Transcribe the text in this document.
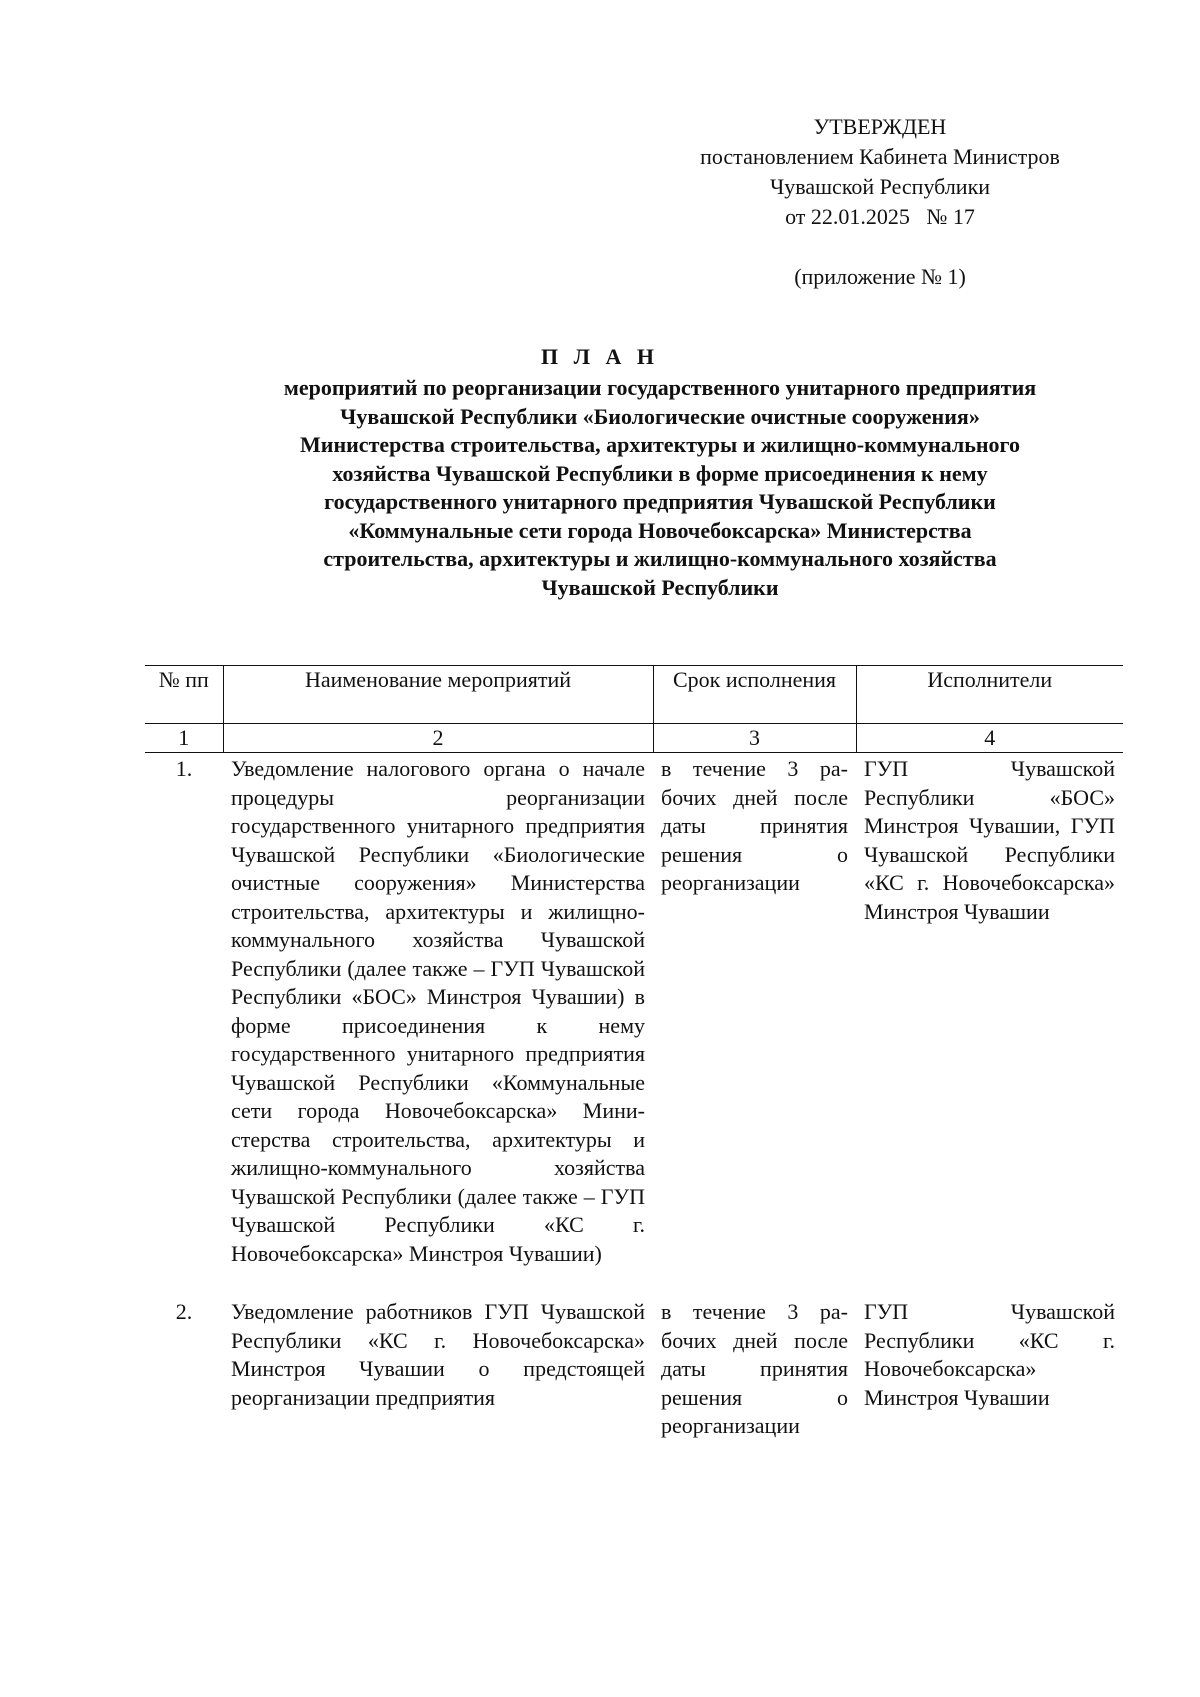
УТВЕРЖДЕН
постановлением Кабинета Министров
Чувашской Республики
от 22.01.2025   № 17
(приложение № 1)
П Л А Н
мероприятий по реорганизации государственного унитарного предприятия
Чувашской Республики «Биологические очистные сооружения»
Министерства строительства, архитектуры и жилищно-коммунального
хозяйства Чувашской Республики в форме присоединения к нему
государственного унитарного предприятия Чувашской Республики
«Коммунальные сети города Новочебоксарска» Министерства
строительства, архитектуры и жилищно-коммунального хозяйства
Чувашской Республики
№ пп	Наименование мероприятий	Срок исполнения	Исполнители
1	2	3	4
1.	Уведомление налогового органа о начале процедуры реорганизации государственного унитарного предприятия Чувашской Республики «Биологические очистные сооружения» Министерства строительства, архитектуры и жилищно-коммунального хозяйства Чувашской Республики (далее также – ГУП Чувашской Республики «БОС» Минстроя Чувашии) в форме присоединения к нему государственного унитарного предприятия Чувашской Республики «Коммунальные сети города Новочебоксарска» Министерства строительства, архитектуры и жилищно-коммунального хозяйства Чувашской Республики (далее также – ГУП Чувашской Республики «КС г. Новочебоксарска» Минстроя Чувашии)	в течение 3 рабочих дней после даты принятия решения о реорганизации	ГУП Чувашской Республики «БОС» Минстроя Чувашии, ГУП Чувашской Республики «КС г. Новочебоксарска» Минстроя Чувашии
2.	Уведомление работников ГУП Чувашской Республики «КС г. Новочебоксарска» Минстроя Чувашии о предстоящей реорганизации предприятия	в течение 3 рабочих дней после даты принятия решения о реорганизации	ГУП Чувашской Республики «КС г. Новочебоксарска» Минстроя Чувашии
